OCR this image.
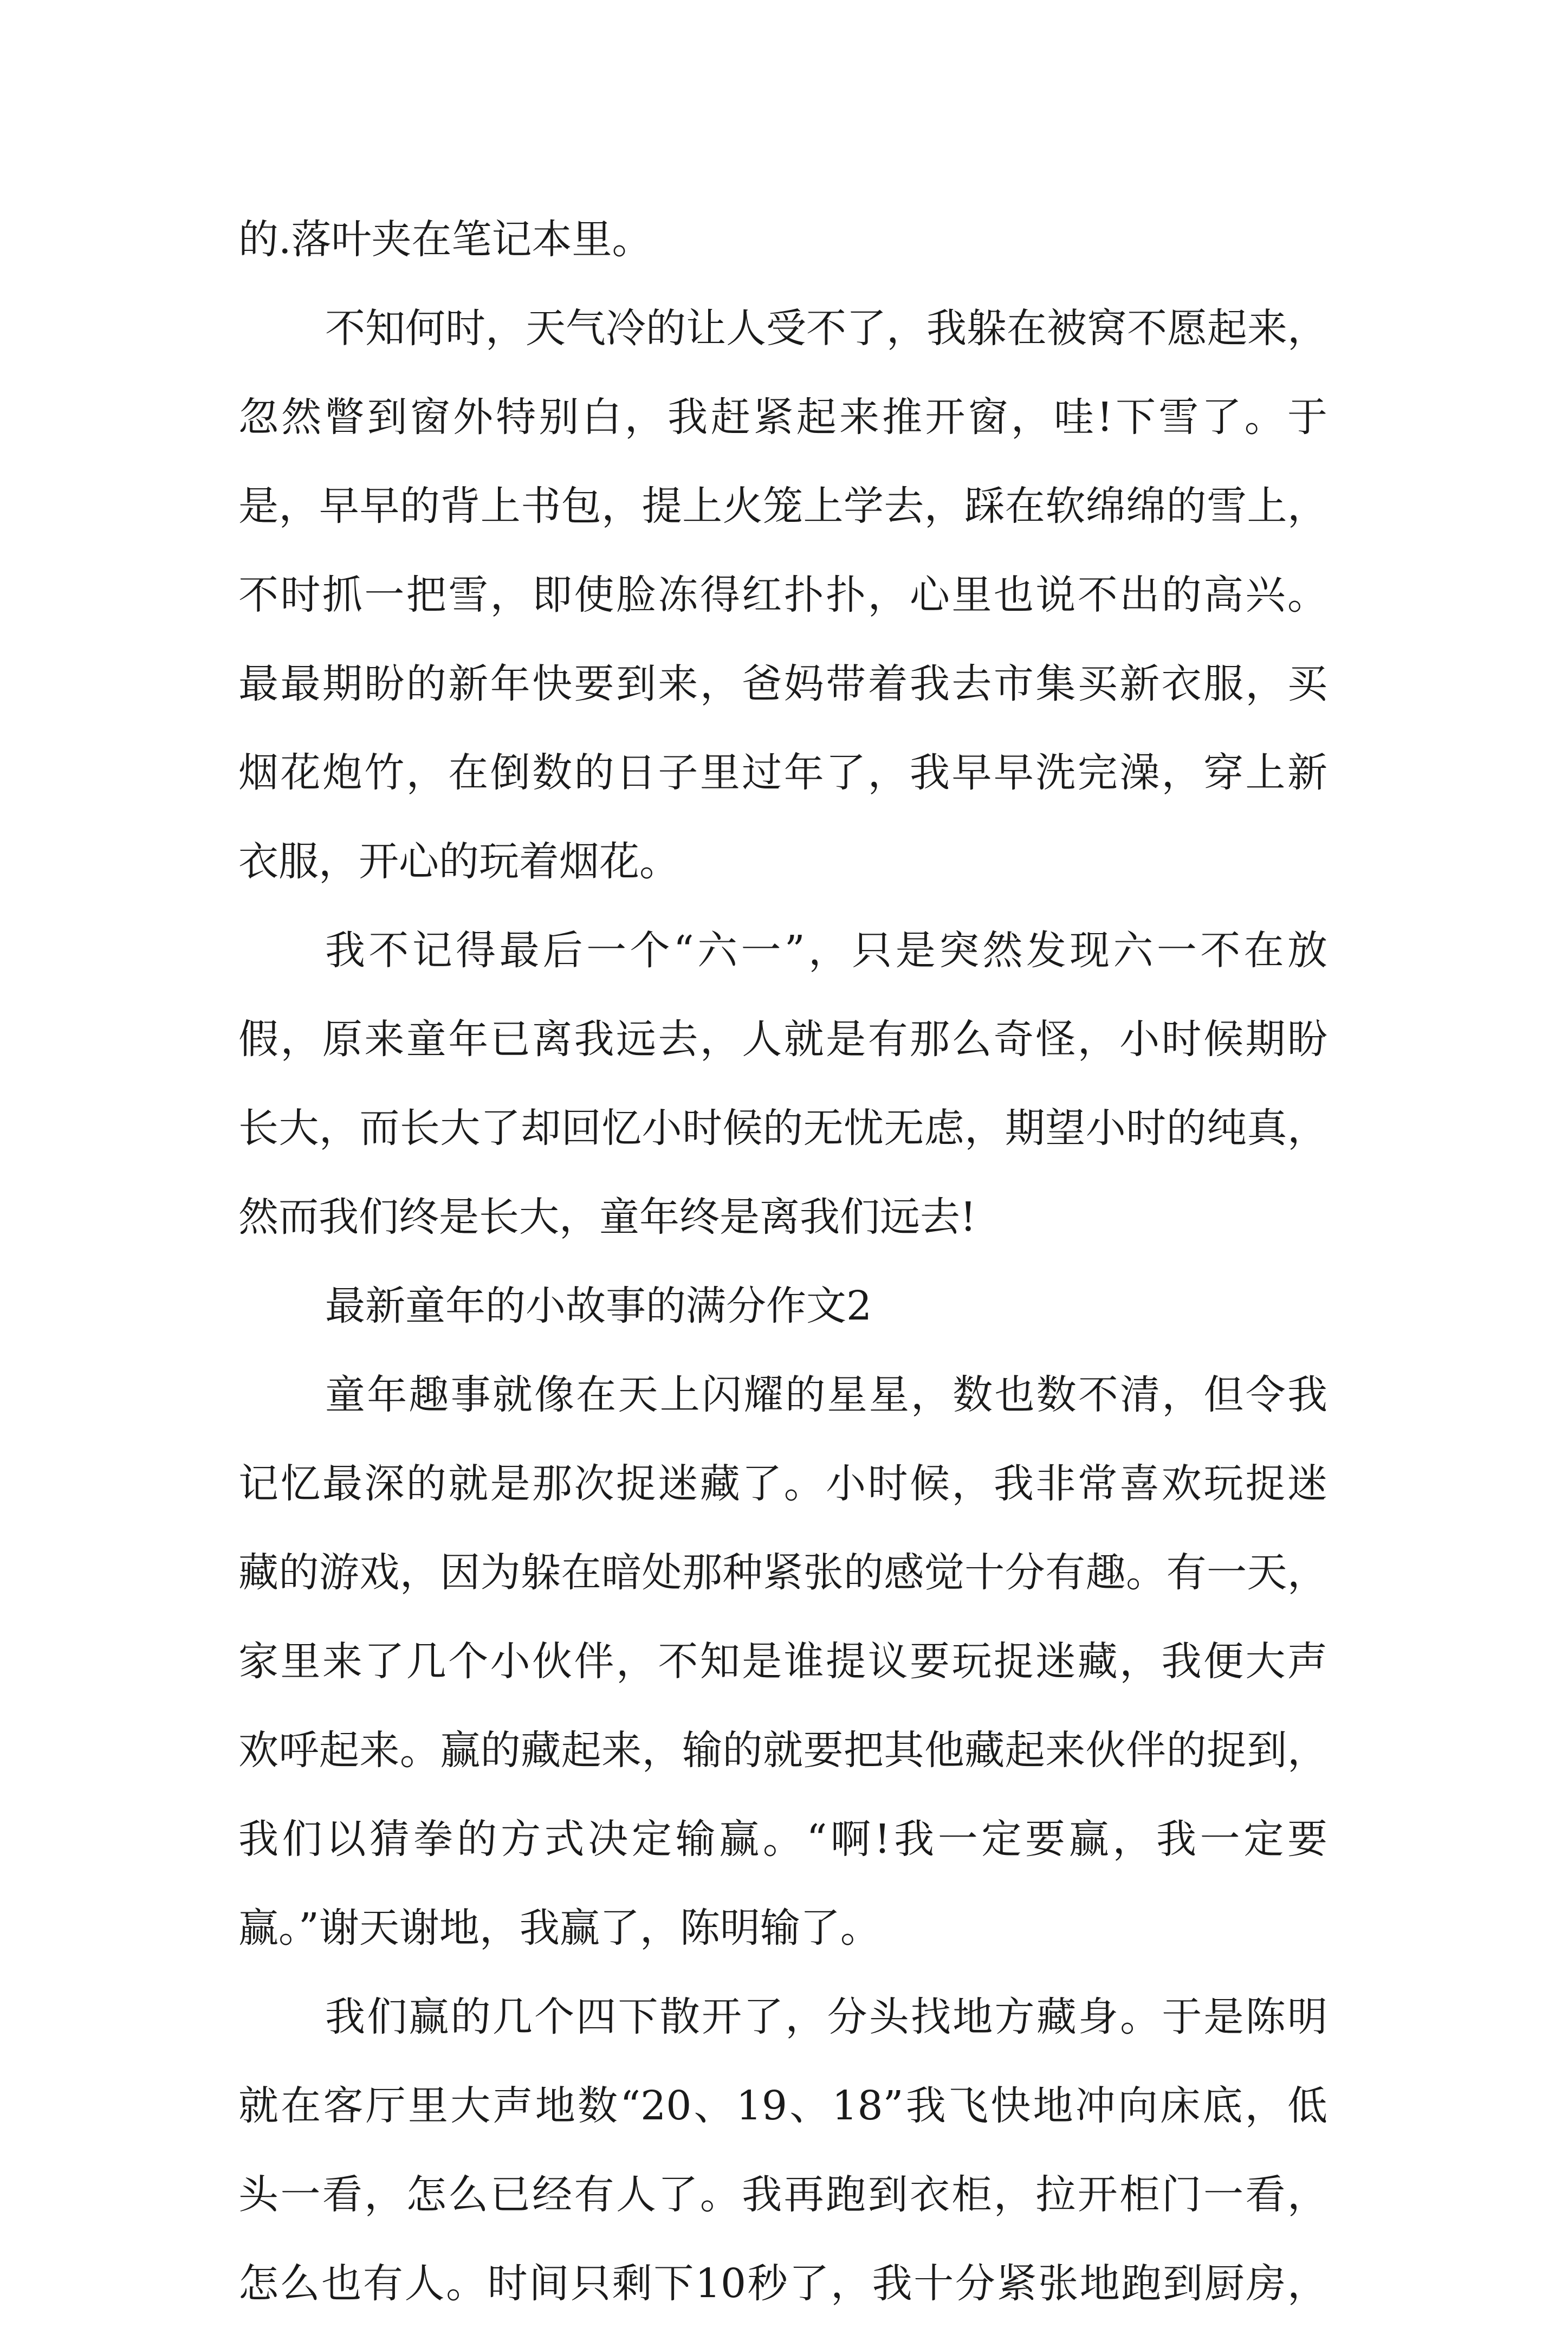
的.落叶夹在笔记本里。
不知何时，天气冷的让人受不了，我躲在被窝不愿起来，
忽然瞥到窗外特别白，我赶紧起来推开窗，哇!下雪了。于
是，早早的背上书包，提上火笼上学去，踩在软绵绵的雪上，
不时抓一把雪，即使脸冻得红扑扑，心里也说不出的高兴。
最最期盼的新年快要到来，爸妈带着我去市集买新衣服，买
烟花炮竹，在倒数的日子里过年了，我早早洗完澡，穿上新
衣服，开心的玩着烟花。
我不记得最后一个“六一”，只是突然发现六一不在放
假，原来童年已离我远去，人就是有那么奇怪，小时候期盼
长大，而长大了却回忆小时候的无忧无虑，期望小时的纯真，
然而我们终是长大，童年终是离我们远去!
最新童年的小故事的满分作文2
童年趣事就像在天上闪耀的星星，数也数不清，但令我
记忆最深的就是那次捉迷藏了。小时候，我非常喜欢玩捉迷
藏的游戏，因为躲在暗处那种紧张的感觉十分有趣。有一天，
家里来了几个小伙伴，不知是谁提议要玩捉迷藏，我便大声
欢呼起来。赢的藏起来，输的就要把其他藏起来伙伴的捉到，
我们以猜拳的方式决定输赢。“啊!我一定要赢，我一定要
赢。”谢天谢地，我赢了，陈明输了。
我们赢的几个四下散开了，分头找地方藏身。于是陈明
就在客厅里大声地数“20、19、18”我飞快地冲向床底，低
头一看，怎么已经有人了。我再跑到衣柜，拉开柜门一看，
怎么也有人。时间只剩下10秒了，我十分紧张地跑到厨房，
